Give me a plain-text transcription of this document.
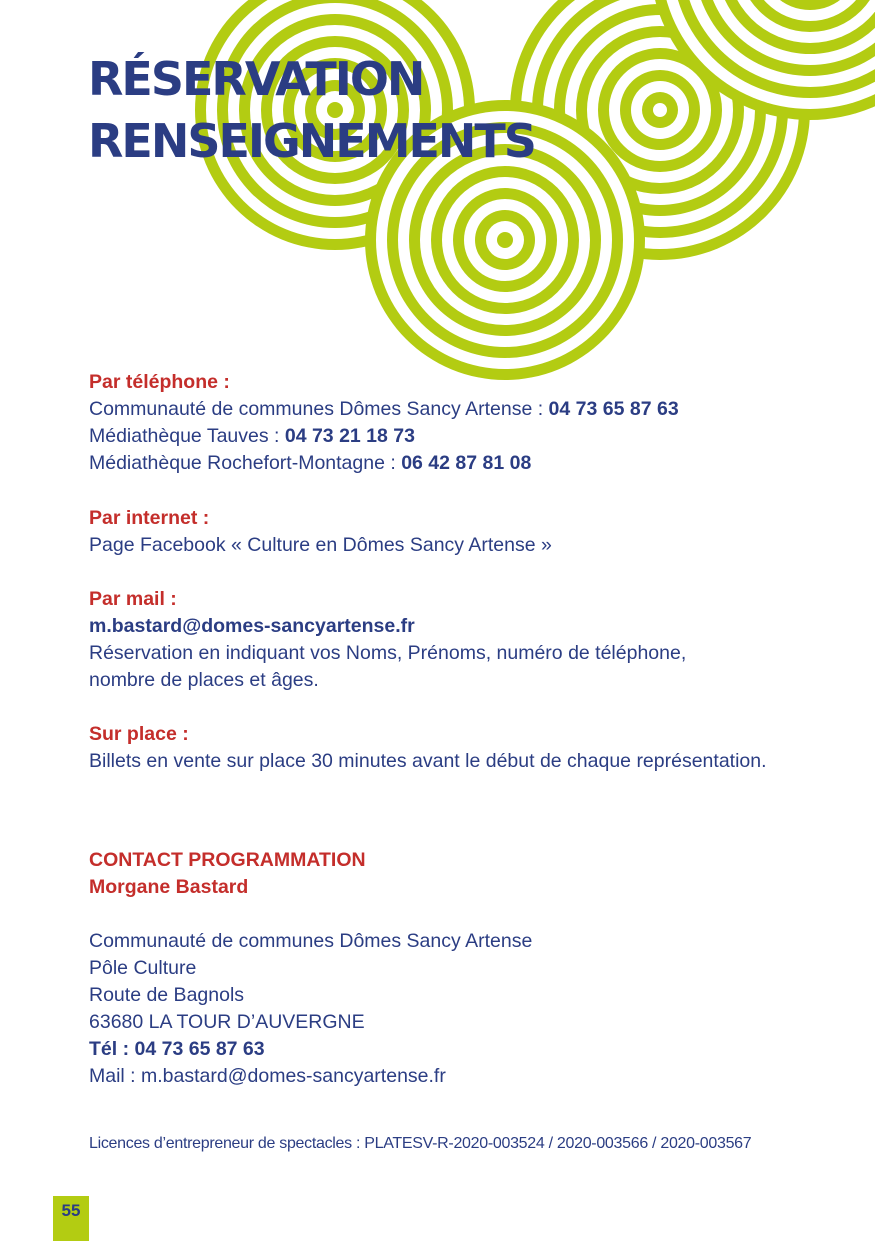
RÉSERVATION
RENSEIGNEMENTS
Par téléphone :
Communauté de communes Dômes Sancy Artense : 04 73 65 87 63
Médiathèque Tauves : 04 73 21 18 73
Médiathèque Rochefort-Montagne : 06 42 87 81 08
Par internet :
Page Facebook « Culture en Dômes Sancy Artense »
Par mail :
m.bastard@domes-sancyartense.fr
Réservation en indiquant vos Noms, Prénoms, numéro de téléphone,
nombre de places et âges.
Sur place :
Billets en vente sur place 30 minutes avant le début de chaque représentation.
CONTACT PROGRAMMATION
Morgane Bastard
Communauté de communes Dômes Sancy Artense
Pôle Culture
Route de Bagnols
63680 LA TOUR D’AUVERGNE
Tél : 04 73 65 87 63
Mail : m.bastard@domes-sancyartense.fr
Licences d’entrepreneur de spectacles : PLATESV-R-2020-003524 / 2020-003566 / 2020-003567
55
